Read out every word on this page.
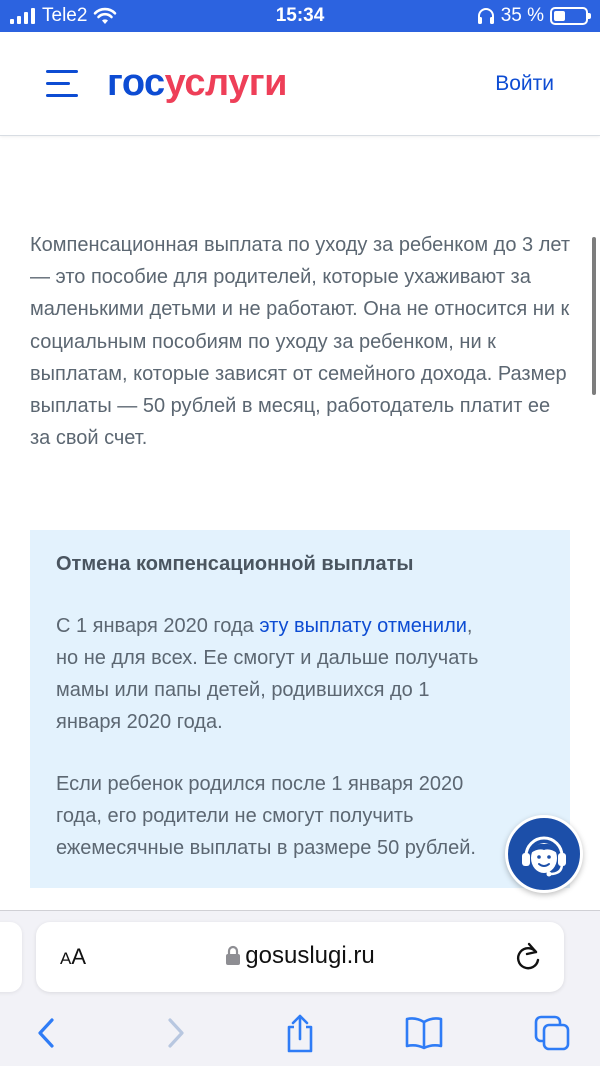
Tele2	15:34	35 %
госуслуги	Войти

Компенсационная выплата по уходу за ребенком до 3 лет — это пособие для родителей, которые ухаживают за маленькими детьми и не работают. Она не относится ни к социальным пособиям по уходу за ребенком, ни к выплатам, которые зависят от семейного дохода. Размер выплаты — 50 рублей в месяц, работодатель платит ее за свой счет.

Отмена компенсационной выплаты
С 1 января 2020 года эту выплату отменили,
но не для всех. Ее смогут и дальше получать
мамы или папы детей, родившихся до 1
января 2020 года.
Если ребенок родился после 1 января 2020
года, его родители не смогут получить
ежемесячные выплаты в размере 50 рублей.
AA	gosuslugi.ru
